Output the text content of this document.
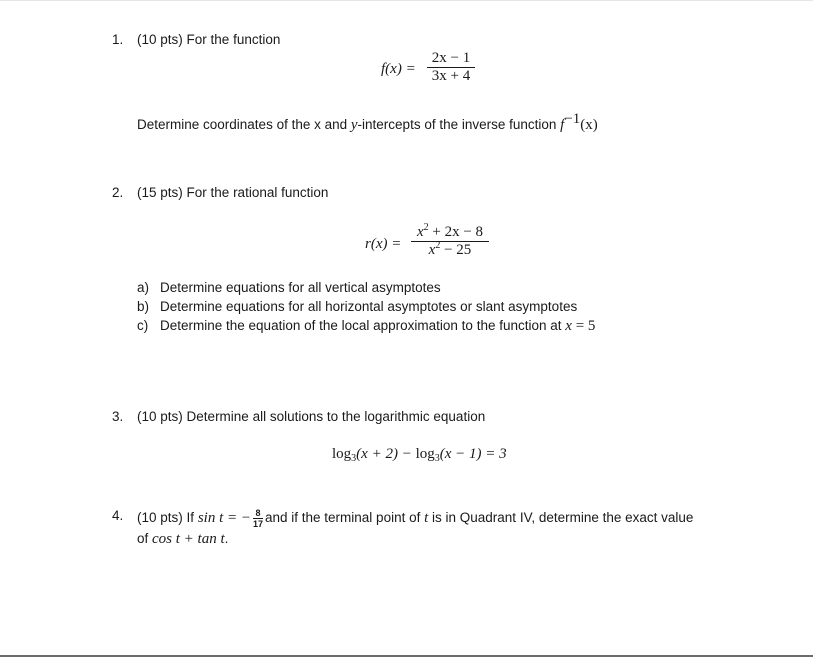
1. (10 pts) For the function
f(x) =
2x − 1
3x + 4
Determine coordinates of the x and y-intercepts of the inverse function $f^{-1}(x)$
2. (15 pts) For the rational function
r(x) =
$x^2 + 2x - 8$
$x^2 - 25$
a) Determine equations for all vertical asymptotes
b) Determine equations for all horizontal asymptotes or slant asymptotes
c) Determine the equation of the local approximation to the function at x = 5
3. (10 pts) Determine all solutions to the logarithmic equation
$\log_3(x + 2) - \log_3(x - 1) = 3$
4. (10 pts) If sin t = − $\frac{8}{17}$ and if the terminal point of t is in Quadrant IV, determine the exact value
of cos t + tan t.
